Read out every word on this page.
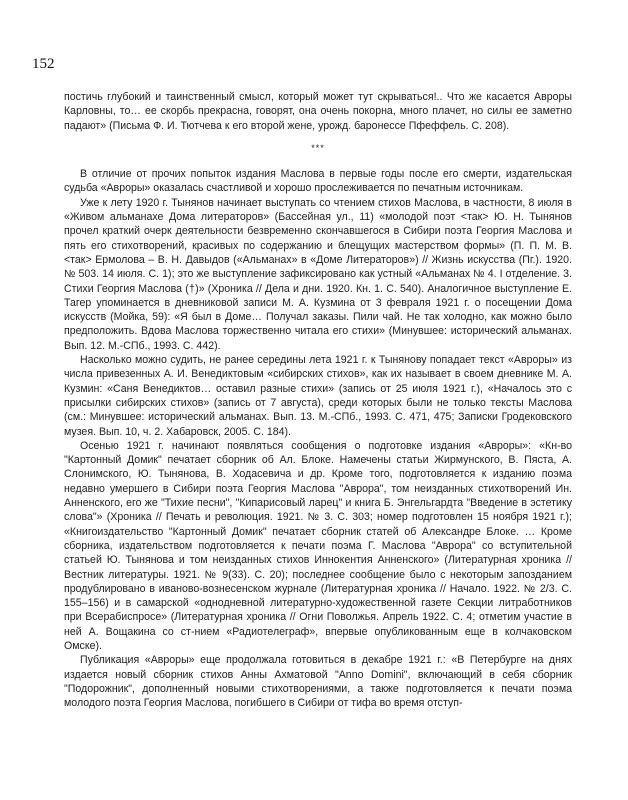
152

постичь глубокий и таинственный смысл, который может тут скрываться!.. Что же касается Авроры Карловны, то… ее скорбь прекрасна, говорят, она очень покорна, много плачет, но силы ее заметно падают» (Письма Ф. И. Тютчева к его второй жене, урожд. баронессе Пфеффель. С. 208).

***

В отличие от прочих попыток издания Маслова в первые годы после его смерти, издательская судьба «Авроры» оказалась счастливой и хорошо прослеживается по печатным источникам.

Уже к лету 1920 г. Тынянов начинает выступать со чтением стихов Маслова, в частности, 8 июля в «Живом альманахе Дома литераторов» (Бассейная ул., 11) «молодой поэт <так> Ю. Н. Тынянов прочел краткий очерк деятельности безвременно скончавшегося в Сибири поэта Георгия Маслова и пять его стихотворений, красивых по содержанию и блещущих мастерством формы» (П. П. М. В. <так> Ермолова – В. Н. Давыдов («Альманах» в «Доме Литераторов») // Жизнь искусства (Пг.). 1920. № 503. 14 июля. С. 1); это же выступление зафиксировано как устный «Альманах № 4. I отделение. 3. Стихи Георгия Маслова (†)» (Хроника // Дела и дни. 1920. Кн. 1. С. 540). Аналогичное выступление Е. Тагер упоминается в дневниковой записи М. А. Кузмина от 3 февраля 1921 г. о посещении Дома искусств (Мойка, 59): «Я был в Доме… Получал заказы. Пили чай. Не так холодно, как можно было предположить. Вдова Маслова торжественно читала его стихи» (Минувшее: исторический альманах. Вып. 12. М.-СПб., 1993. С. 442).

Насколько можно судить, не ранее середины лета 1921 г. к Тынянову попадает текст «Авроры» из числа привезенных А. И. Венедиктовым «сибирских стихов», как их называет в своем дневнике М. А. Кузмин: «Саня Венедиктов… оставил разные стихи» (запись от 25 июля 1921 г.), «Началось это с присылки сибирских стихов» (запись от 7 августа), среди которых были не только тексты Маслова (см.: Минувшее: исторический альманах. Вып. 13. М.-СПб., 1993. С. 471, 475; Записки Гродековского музея. Вып. 10, ч. 2. Хабаровск, 2005. С. 184).

Осенью 1921 г. начинают появляться сообщения о подготовке издания «Авроры»: «Кн-во "Картонный Домик" печатает сборник об Ал. Блоке. Намечены статьи Жирмунского, В. Пяста, А. Слонимского, Ю. Тынянова, В. Ходасевича и др. Кроме того, подготовляется к изданию поэма недавно умершего в Сибири поэта Георгия Маслова "Аврора", том неизданных стихотворений Ин. Анненского, его же "Тихие песни", "Кипарисовый ларец" и книга Б. Энгельгардта "Введение в эстетику слова"» (Хроника // Печать и революция. 1921. № 3. С. 303; номер подготовлен 15 ноября 1921 г.); «Книгоиздательство "Картонный Домик" печатает сборник статей об Александре Блоке. … Кроме сборника, издательством подготовляется к печати поэма Г. Маслова "Аврора" со вступительной статьей Ю. Тынянова и том неизданных стихов Иннокентия Анненского» (Литературная хроника // Вестник литературы. 1921. № 9(33). С. 20); последнее сообщение было с некоторым запозданием продублировано в иваново-вознесенском журнале (Литературная хроника // Начало. 1922. № 2/3. С. 155–156) и в самарской «однодневной литературно-художественной газете Секции литработников при Всерабиспросе» (Литературная хроника // Огни Поволжья. Апрель 1922. С. 4; отметим участие в ней А. Вощакина со ст-нием «Радиотелеграф», впервые опубликованным еще в колчаковском Омске).

Публикация «Авроры» еще продолжала готовиться в декабре 1921 г.: «В Петербурге на днях издается новый сборник стихов Анны Ахматовой "Anno Domini", включающий в себя сборник "Подорожник", дополненный новыми стихотворениями, а также подготовляется к печати поэма молодого поэта Георгия Маслова, погибшего в Сибири от тифа во время отступ-
